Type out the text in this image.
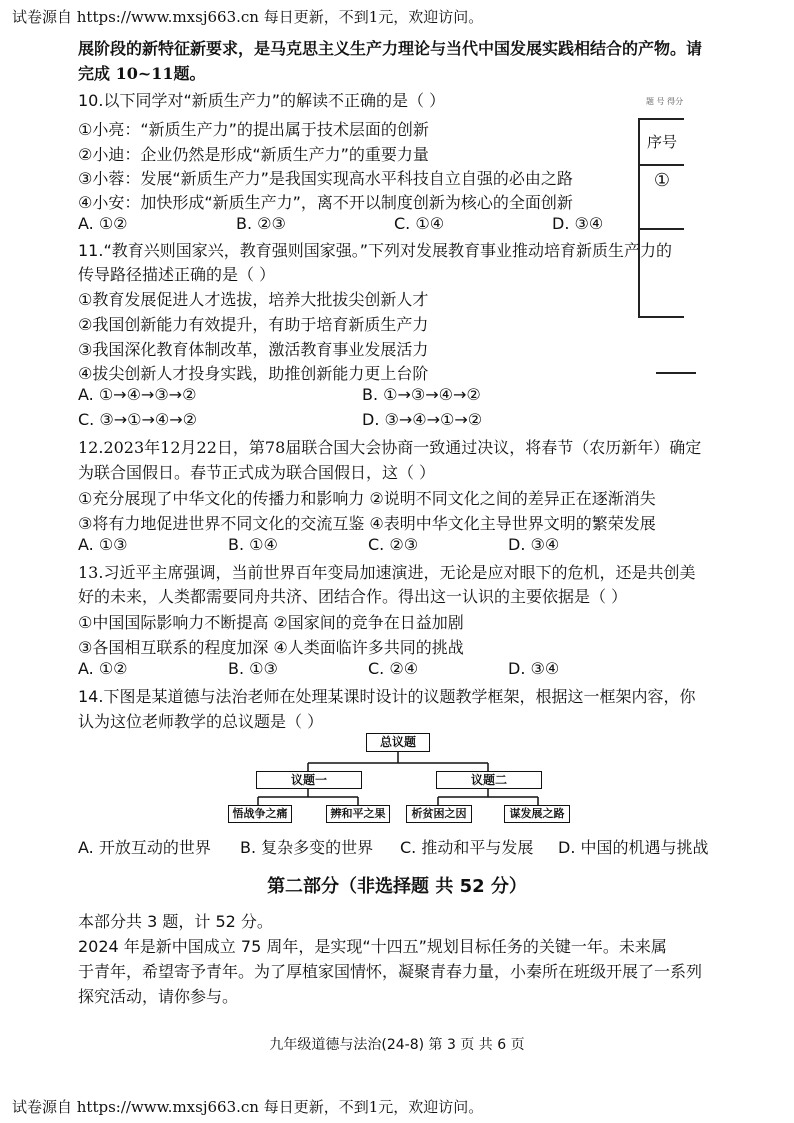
试卷源自 https://www.mxsj663.cn 每日更新，不到1元，欢迎访问。
展阶段的新特征新要求，是马克思主义生产力理论与当代中国发展实践相结合的产物。请
完成 10~11题。
题 号 得分
序号
①
10.以下同学对“新质生产力”的解读不正确的是（ ）
①小亮：“新质生产力”的提出属于技术层面的创新
②小迪：企业仍然是形成“新质生产力”的重要力量
③小蓉：发展“新质生产力”是我国实现高水平科技自立自强的必由之路
④小安：加快形成“新质生产力”，离不开以制度创新为核心的全面创新
A. ①②	B. ②③	C. ①④	D. ③④
11.“教育兴则国家兴，教育强则国家强。”下列对发展教育事业推动培育新质生产力的
传导路径描述正确的是（ ）
①教育发展促进人才选拔，培养大批拔尖创新人才
②我国创新能力有效提升，有助于培育新质生产力
③我国深化教育体制改革，激活教育事业发展活力
④拔尖创新人才投身实践，助推创新能力更上台阶
A. ①→④→③→②	B. ①→③→④→②
C. ③→①→④→②	D. ③→④→①→②
12.2023年12月22日，第78届联合国大会协商一致通过决议，将春节（农历新年）确定
为联合国假日。春节正式成为联合国假日，这（ ）
①充分展现了中华文化的传播力和影响力 ②说明不同文化之间的差异正在逐渐消失
③将有力地促进世界不同文化的交流互鉴 ④表明中华文化主导世界文明的繁荣发展
A. ①③	B. ①④	C. ②③	D. ③④
13.习近平主席强调，当前世界百年变局加速演进，无论是应对眼下的危机，还是共创美
好的未来，人类都需要同舟共济、团结合作。得出这一认识的主要依据是（ ）
①中国国际影响力不断提高 ②国家间的竞争在日益加剧
③各国相互联系的程度加深 ④人类面临许多共同的挑战
A. ①②	B. ①③	C. ②④	D. ③④
14.下图是某道德与法治老师在处理某课时设计的议题教学框架，根据这一框架内容，你
认为这位老师教学的总议题是（ ）
总议题
议题一	议题二
悟战争之痛	辨和平之果	析贫困之因	谋发展之路
A. 开放互动的世界	B. 复杂多变的世界	C. 推动和平与发展	D. 中国的机遇与挑战
第二部分（非选择题 共 52 分）
本部分共 3 题，计 52 分。
2024 年是新中国成立 75 周年，是实现“十四五”规划目标任务的关键一年。未来属
于青年，希望寄予青年。为了厚植家国情怀，凝聚青春力量，小秦所在班级开展了一系列
探究活动，请你参与。
九年级道德与法治(24-8) 第 3 页 共 6 页
试卷源自 https://www.mxsj663.cn 每日更新，不到1元，欢迎访问。
